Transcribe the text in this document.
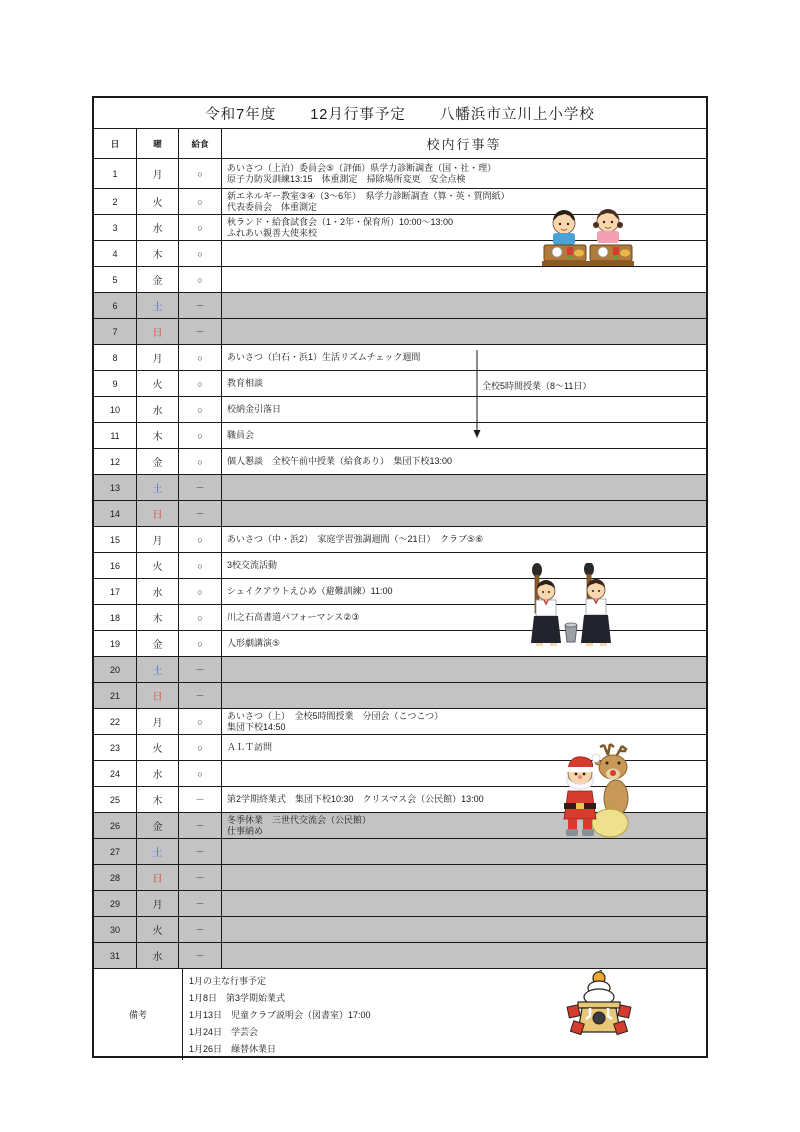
令和7年度 12月行事予定 八幡浜市立川上小学校
日	曜	給食	校内行事等
1	月	○
あいさつ（上泊）委員会⑤（評価）県学力診断調査（国・社・理）
原子力防災訓練13:15　体重測定　掃除場所変更　安全点検
2	火	○
新エネルギー教室③④（3～6年）　県学力診断調査（算・英・質問紙）
代表委員会　体重測定
3	水	○
秋ランド・給食試食会（1・2年・保育所）10:00～13:00
ふれあい親善大使来校
4	木	○
5	金	○
6	土	－
7	日	－
8	月	○	あいさつ（白石・浜1）生活リズムチェック週間
9	火	○	教育相談
10	水	○	校納金引落日
11	木	○	職員会
12	金	○	個人懇談　全校午前中授業（給食あり）　集団下校13:00
13	土	－
14	日	－
15	月	○	あいさつ（中・浜2）　家庭学習強調週間（～21日）　クラブ⑤⑥
16	火	○	3校交流活動
17	水	○	シェイクアウトえひめ（避難訓練）11:00
18	木	○	川之石高書道パフォーマンス②③
19	金	○	人形劇講演⑤
20	土	－
21	日	－
22	月	○
あいさつ（上）　全校5時間授業　分団会（こつこつ）
集団下校14:50
23	火	○	ＡＬＴ訪問
24	水	○
25	木	－	第2学期終業式　集団下校10:30　クリスマス会（公民館）13:00
26	金	－
冬季休業　三世代交流会（公民館）
仕事納め
27	土	－
28	日	－
29	月	－
30	火	－
31	水	－
備考
1月の主な行事予定
1月8日　第3学期始業式
1月13日　児童クラブ説明会（図書室）17:00
1月24日　学芸会
1月26日　繰替休業日
全校5時間授業（8～11日）
